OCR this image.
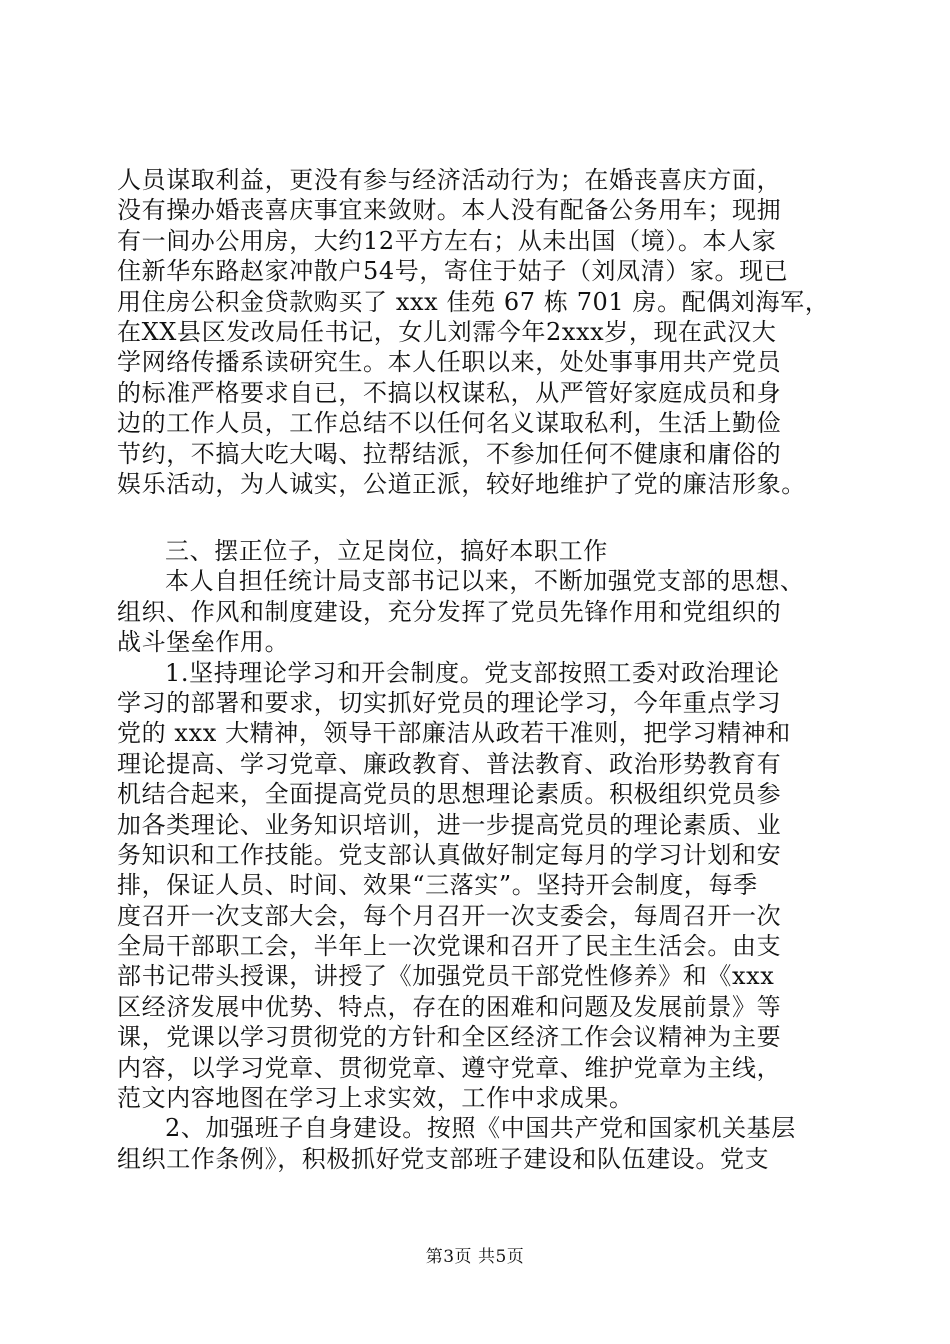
人员谋取利益，更没有参与经济活动行为；在婚丧喜庆方面，
没有操办婚丧喜庆事宜来敛财。本人没有配备公务用车；现拥
有一间办公用房，大约12平方左右；从未出国（境）。本人家
住新华东路赵家冲散户54号，寄住于姑子（刘凤清）家。现已
用住房公积金贷款购买了 xxx 佳苑 67 栋 701 房。配偶刘海军，
在XX县区发改局任书记，女儿刘霈今年2xxx岁，现在武汉大
学网络传播系读研究生。本人任职以来，处处事事用共产党员
的标准严格要求自已，不搞以权谋私，从严管好家庭成员和身
边的工作人员，工作总结不以任何名义谋取私利，生活上勤俭
节约，不搞大吃大喝、拉帮结派，不参加任何不健康和庸俗的
娱乐活动，为人诚实，公道正派，较好地维护了党的廉洁形象。
三、摆正位子，立足岗位，搞好本职工作
本人自担任统计局支部书记以来，不断加强党支部的思想、
组织、作风和制度建设，充分发挥了党员先锋作用和党组织的
战斗堡垒作用。
1.坚持理论学习和开会制度。党支部按照工委对政治理论
学习的部署和要求，切实抓好党员的理论学习，今年重点学习
党的 xxx 大精神，领导干部廉洁从政若干准则，把学习精神和
理论提高、学习党章、廉政教育、普法教育、政治形势教育有
机结合起来，全面提高党员的思想理论素质。积极组织党员参
加各类理论、业务知识培训，进一步提高党员的理论素质、业
务知识和工作技能。党支部认真做好制定每月的学习计划和安
排，保证人员、时间、效果“三落实”。坚持开会制度，每季
度召开一次支部大会，每个月召开一次支委会，每周召开一次
全局干部职工会，半年上一次党课和召开了民主生活会。由支
部书记带头授课，讲授了《加强党员干部党性修养》和《xxx
区经济发展中优势、特点，存在的困难和问题及发展前景》等
课，党课以学习贯彻党的方针和全区经济工作会议精神为主要
内容，以学习党章、贯彻党章、遵守党章、维护党章为主线，
范文内容地图在学习上求实效，工作中求成果。
2、加强班子自身建设。按照《中国共产党和国家机关基层
组织工作条例》，积极抓好党支部班子建设和队伍建设。党支
第3页 共5页
